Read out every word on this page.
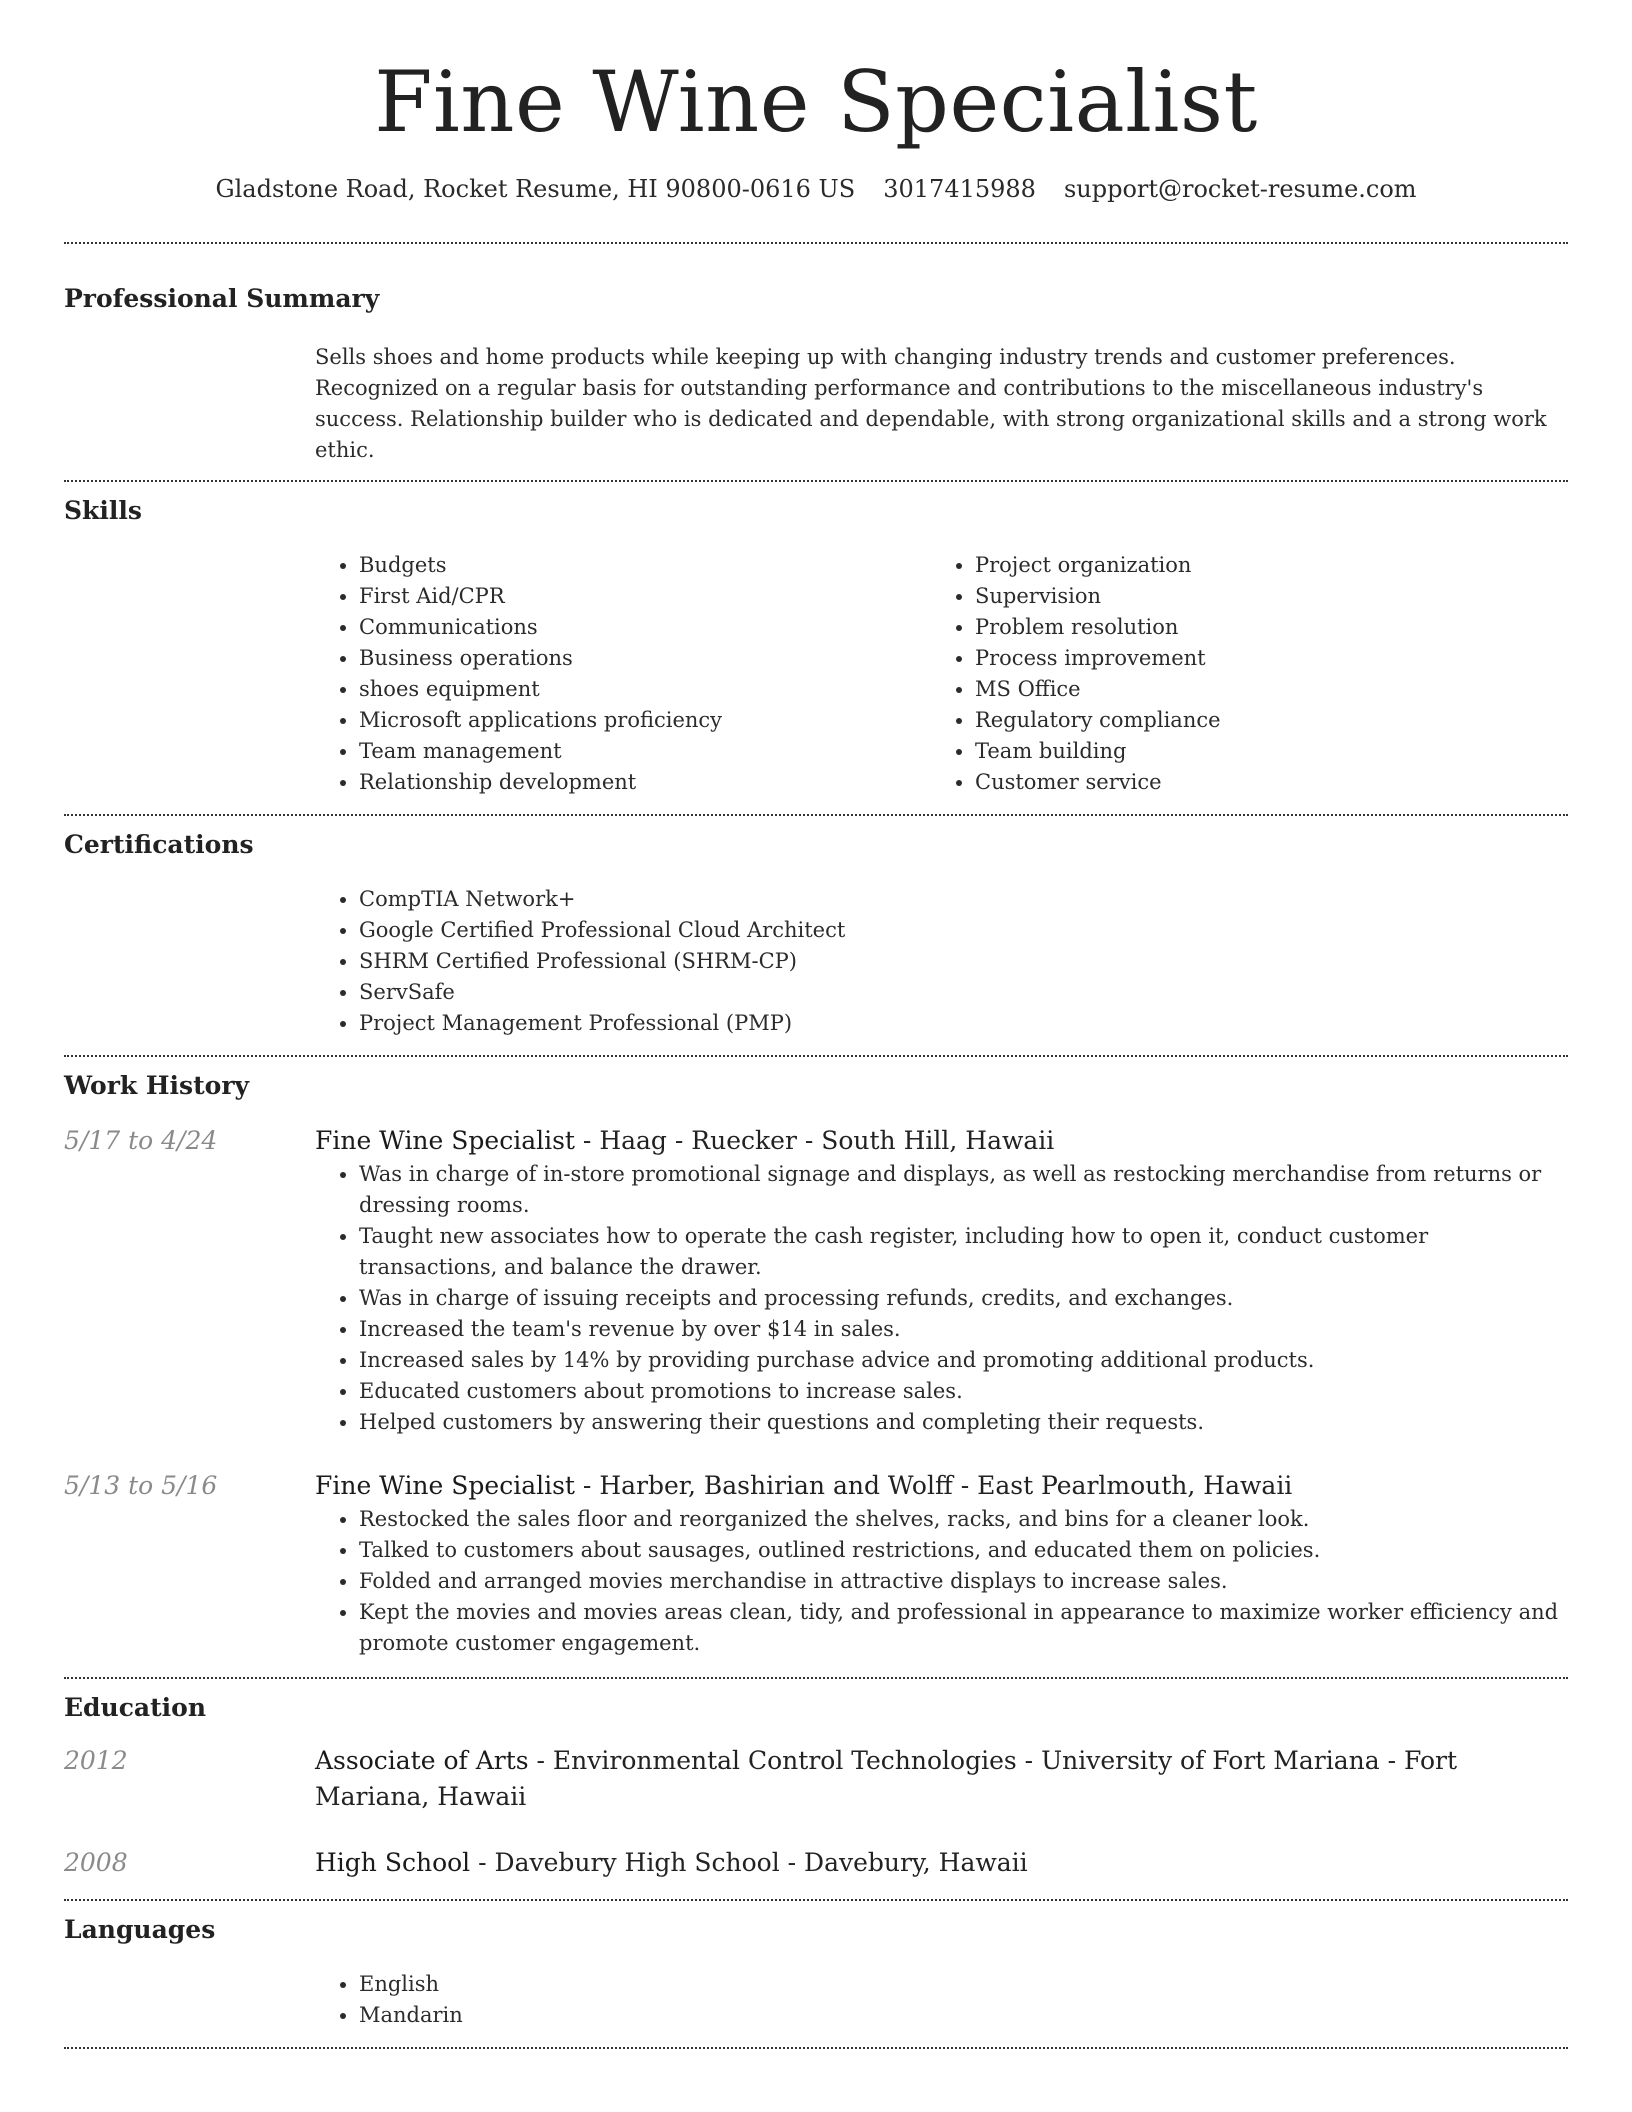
Fine Wine Specialist
Gladstone Road, Rocket Resume, HI 90800-0616 US 3017415988 support@rocket-resume.com
Professional Summary
Sells shoes and home products while keeping up with changing industry trends and customer preferences. Recognized on a regular basis for outstanding performance and contributions to the miscellaneous industry's success. Relationship builder who is dedicated and dependable, with strong organizational skills and a strong work ethic.
Skills
• Budgets
• First Aid/CPR
• Communications
• Business operations
• shoes equipment
• Microsoft applications proficiency
• Team management
• Relationship development
• Project organization
• Supervision
• Problem resolution
• Process improvement
• MS Office
• Regulatory compliance
• Team building
• Customer service
Certifications
• CompTIA Network+
• Google Certified Professional Cloud Architect
• SHRM Certified Professional (SHRM-CP)
• ServSafe
• Project Management Professional (PMP)
Work History
5/17 to 4/24	Fine Wine Specialist - Haag - Ruecker - South Hill, Hawaii
• Was in charge of in-store promotional signage and displays, as well as restocking merchandise from returns or dressing rooms.
• Taught new associates how to operate the cash register, including how to open it, conduct customer transactions, and balance the drawer.
• Was in charge of issuing receipts and processing refunds, credits, and exchanges.
• Increased the team's revenue by over $14 in sales.
• Increased sales by 14% by providing purchase advice and promoting additional products.
• Educated customers about promotions to increase sales.
• Helped customers by answering their questions and completing their requests.
5/13 to 5/16	Fine Wine Specialist - Harber, Bashirian and Wolff - East Pearlmouth, Hawaii
• Restocked the sales floor and reorganized the shelves, racks, and bins for a cleaner look.
• Talked to customers about sausages, outlined restrictions, and educated them on policies.
• Folded and arranged movies merchandise in attractive displays to increase sales.
• Kept the movies and movies areas clean, tidy, and professional in appearance to maximize worker efficiency and promote customer engagement.
Education
2012	Associate of Arts - Environmental Control Technologies - University of Fort Mariana - Fort Mariana, Hawaii
2008	High School - Davebury High School - Davebury, Hawaii
Languages
• English
• Mandarin
